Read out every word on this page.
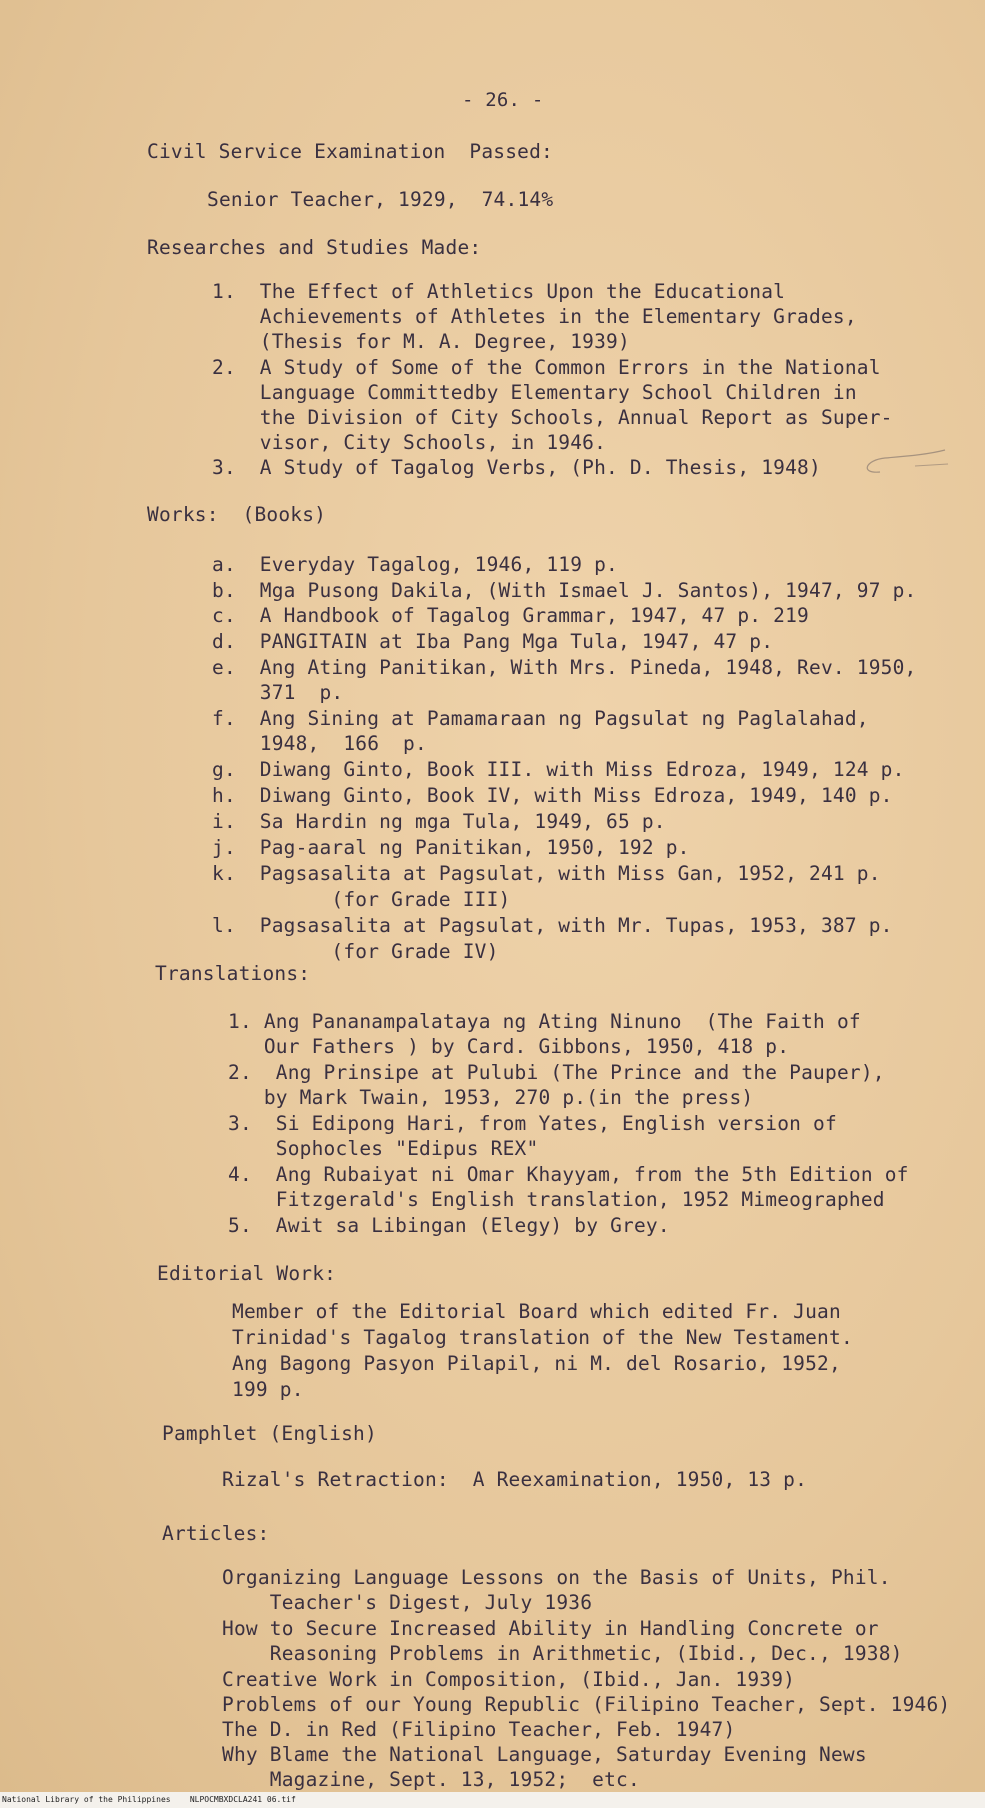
- 26. -
Civil Service Examination  Passed:
Senior Teacher, 1929,  74.14%
Researches and Studies Made:
1.  The Effect of Athletics Upon the Educational
Achievements of Athletes in the Elementary Grades,
(Thesis for M. A. Degree, 1939)
2.  A Study of Some of the Common Errors in the National
Language Committedby Elementary School Children in
the Division of City Schools, Annual Report as Super-
visor, City Schools, in 1946.
3.  A Study of Tagalog Verbs, (Ph. D. Thesis, 1948)
Works:  (Books)
a.  Everyday Tagalog, 1946, 119 p.
b.  Mga Pusong Dakila, (With Ismael J. Santos), 1947, 97 p.
c.  A Handbook of Tagalog Grammar, 1947, 47 p. 219
d.  PANGITAIN at Iba Pang Mga Tula, 1947, 47 p.
e.  Ang Ating Panitikan, With Mrs. Pineda, 1948, Rev. 1950,
371  p.
f.  Ang Sining at Pamamaraan ng Pagsulat ng Paglalahad,
1948,  166  p.
g.  Diwang Ginto, Book III. with Miss Edroza, 1949, 124 p.
h.  Diwang Ginto, Book IV, with Miss Edroza, 1949, 140 p.
i.  Sa Hardin ng mga Tula, 1949, 65 p.
j.  Pag-aaral ng Panitikan, 1950, 192 p.
k.  Pagsasalita at Pagsulat, with Miss Gan, 1952, 241 p.
(for Grade III)
l.  Pagsasalita at Pagsulat, with Mr. Tupas, 1953, 387 p.
(for Grade IV)
Translations:
1. Ang Pananampalataya ng Ating Ninuno  (The Faith of
Our Fathers ) by Card. Gibbons, 1950, 418 p.
2.  Ang Prinsipe at Pulubi (The Prince and the Pauper),
by Mark Twain, 1953, 270 p.(in the press)
3.  Si Edipong Hari, from Yates, English version of
Sophocles "Edipus REX"
4.  Ang Rubaiyat ni Omar Khayyam, from the 5th Edition of
Fitzgerald's English translation, 1952 Mimeographed
5.  Awit sa Libingan (Elegy) by Grey.
Editorial Work:
Member of the Editorial Board which edited Fr. Juan
Trinidad's Tagalog translation of the New Testament.
Ang Bagong Pasyon Pilapil, ni M. del Rosario, 1952,
199 p.
Pamphlet (English)
Rizal's Retraction:  A Reexamination, 1950, 13 p.
Articles:
Organizing Language Lessons on the Basis of Units, Phil.
Teacher's Digest, July 1936
How to Secure Increased Ability in Handling Concrete or
Reasoning Problems in Arithmetic, (Ibid., Dec., 1938)
Creative Work in Composition, (Ibid., Jan. 1939)
Problems of our Young Republic (Filipino Teacher, Sept. 1946)
The D. in Red (Filipino Teacher, Feb. 1947)
Why Blame the National Language, Saturday Evening News
Magazine, Sept. 13, 1952;  etc.
National Library of the Philippines    NLPOCMBXDCLA241 06.tif
